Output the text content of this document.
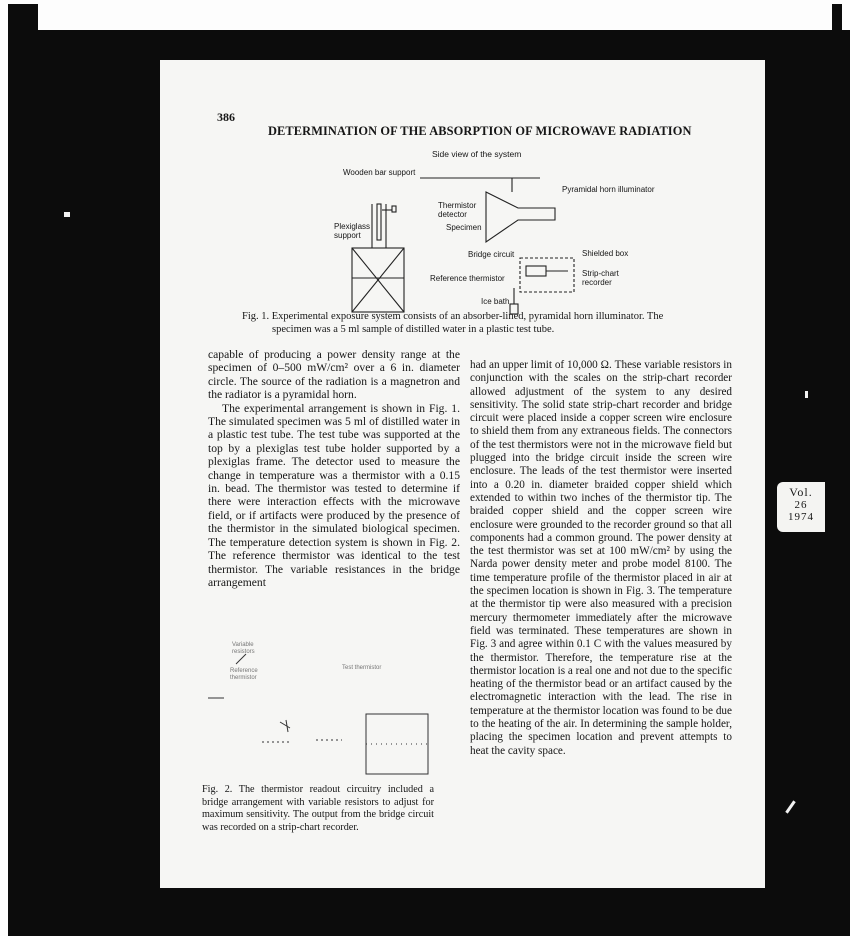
386
DETERMINATION OF THE ABSORPTION OF MICROWAVE RADIATION
Side view of the system
Wooden bar support
Pyramidal horn illuminator
Thermistor
detector
Specimen
Plexiglass
support
Bridge circuit	Shielded box
Reference thermistor
Strip-chart
recorder
Ice bath
Fig. 1. Experimental exposure system consists of an absorber-lined, pyramidal horn illuminator. The specimen was a 5 ml sample of distilled water in a plastic test tube.

capable of producing a power density range at the specimen of 0–500 mW/cm² over a 6 in. diameter circle. The source of the radiation is a magnetron and the radiator is a pyramidal horn.

The experimental arrangement is shown in Fig. 1. The simulated specimen was 5 ml of distilled water in a plastic test tube. The test tube was supported at the top by a plexiglas test tube holder supported by a plexiglas frame. The detector used to measure the change in temperature was a thermistor with a 0.15 in. bead. The thermistor was tested to determine if there were interaction effects with the microwave field, or if artifacts were produced by the presence of the thermistor in the simulated biological specimen. The temperature detection system is shown in Fig. 2. The reference thermistor was identical to the test thermistor. The variable resistances in the bridge arrangement

had an upper limit of 10,000 Ω. These variable resistors in conjunction with the scales on the strip-chart recorder allowed adjustment of the system to any desired sensitivity. The solid state strip-chart recorder and bridge circuit were placed inside a copper screen wire enclosure to shield them from any extraneous fields. The connectors of the test thermistors were not in the microwave field but plugged into the bridge circuit inside the screen wire enclosure. The leads of the test thermistor were inserted into a 0.20 in. diameter braided copper shield which extended to within two inches of the thermistor tip. The braided copper shield and the copper screen wire enclosure were grounded to the recorder ground so that all components had a common ground. The power density at the test thermistor was set at 100 mW/cm² by using the Narda power density meter and probe model 8100. The time temperature profile of the thermistor placed in air at the specimen location is shown in Fig. 3. The temperature at the thermistor tip were also measured with a precision mercury thermometer immediately after the microwave field was terminated. These temperatures are shown in Fig. 3 and agree within 0.1 C with the values measured by the thermistor. Therefore, the temperature rise at the thermistor location is a real one and not due to the specific heating of the thermistor bead or an artifact caused by the electromagnetic interaction with the lead. The rise in temperature at the thermistor location was found to be due to the heating of the air. In determining the sample holder, placing the specimen location and prevent attempts to heat the cavity space.

Variable
resistors
Reference
thermistor
Test thermistor
Fig. 2. The thermistor readout circuitry included a bridge arrangement with variable resistors to adjust for maximum sensitivity. The output from the bridge circuit was recorded on a strip-chart recorder.
Vol.
26
1974
